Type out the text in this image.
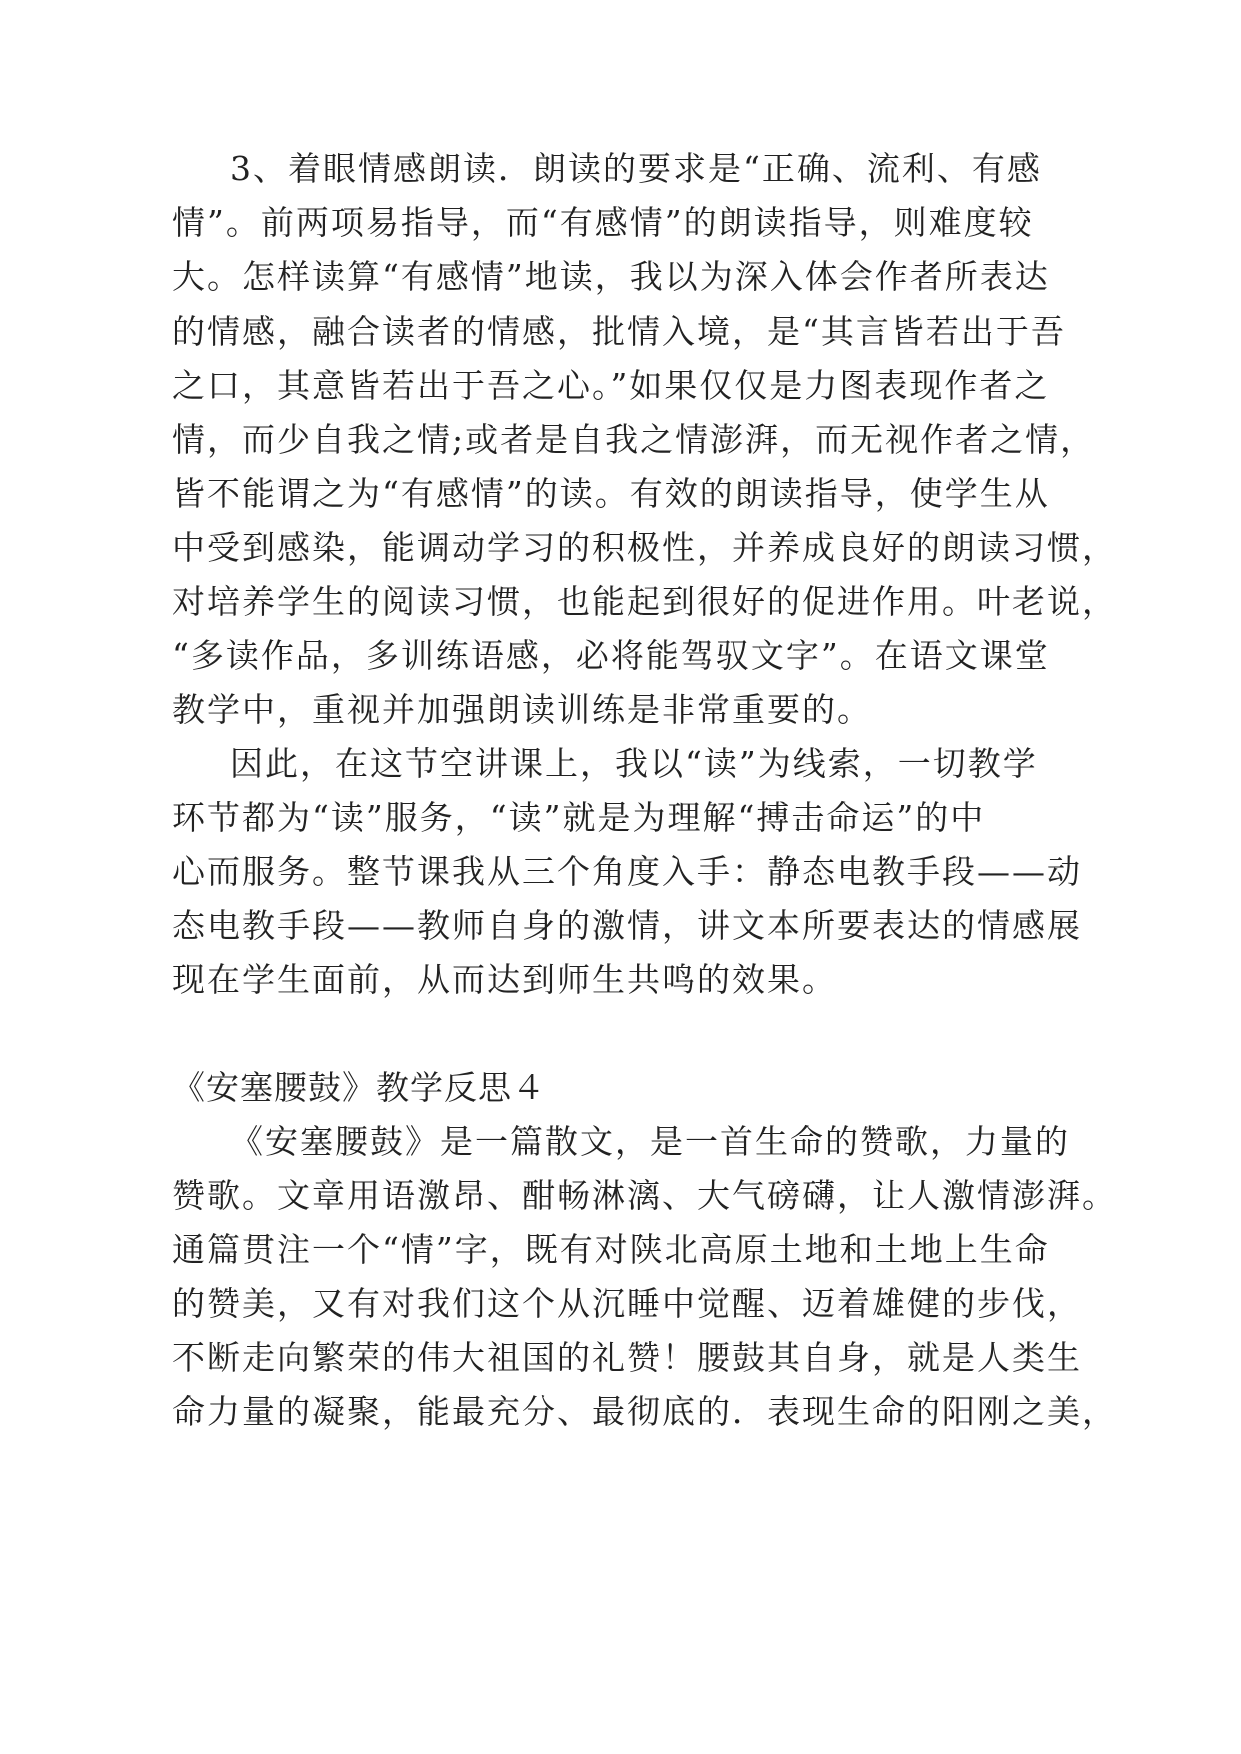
3、着眼情感朗读．朗读的要求是“正确、流利、有感
情”。前两项易指导，而“有感情”的朗读指导，则难度较
大。怎样读算“有感情”地读，我以为深入体会作者所表达
的情感，融合读者的情感，批情入境，是“其言皆若出于吾
之口，其意皆若出于吾之心。”如果仅仅是力图表现作者之
情，而少自我之情;或者是自我之情澎湃，而无视作者之情，
皆不能谓之为“有感情”的读。有效的朗读指导，使学生从
中受到感染，能调动学习的积极性，并养成良好的朗读习惯，
对培养学生的阅读习惯，也能起到很好的促进作用。叶老说，
“多读作品，多训练语感，必将能驾驭文字”。在语文课堂
教学中，重视并加强朗读训练是非常重要的。
因此，在这节空讲课上，我以“读”为线索，一切教学
环节都为“读”服务，“读”就是为理解“搏击命运”的中
心而服务。整节课我从三个角度入手：静态电教手段——动
态电教手段——教师自身的激情，讲文本所要表达的情感展
现在学生面前，从而达到师生共鸣的效果。
《安塞腰鼓》教学反思４
《安塞腰鼓》是一篇散文，是一首生命的赞歌，力量的
赞歌。文章用语激昂、酣畅淋漓、大气磅礴，让人激情澎湃。
通篇贯注一个“情”字，既有对陕北高原土地和土地上生命
的赞美，又有对我们这个从沉睡中觉醒、迈着雄健的步伐，
不断走向繁荣的伟大祖国的礼赞！腰鼓其自身，就是人类生
命力量的凝聚，能最充分、最彻底的．表现生命的阳刚之美，
